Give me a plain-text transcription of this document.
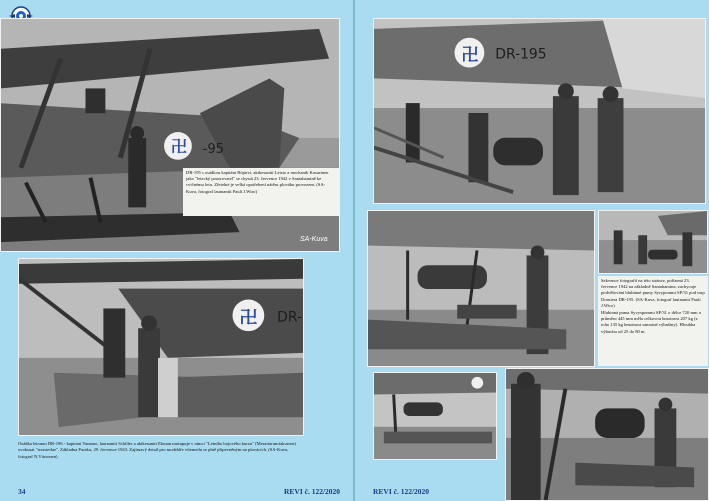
卍 -95
SA-Kuva
DR-195 s osádkou kapitáni Rüjärvi, aktkesuntti Leisto a mechanik Kasurinen jako "letecký pozorovatel" se chystá 23. července 1942 v Santahamině ke cvičnému letu. Zřetelné je velká opotřebení nátěru plovákn provozem. (SA-Kuva, fotograf lautnantti Pauli J.Wiro)
卍 DR-
Osádka letounu DR-196 - kapitáni Vanamo, lautnantti Schiller a aktkesuntti Ekman nastupuje v rámci "Letního bojového kurzu" (Meraiturumfakursen) ovokusat "strastedue". Základna Paraku, 29. července 1943. Zajímavý detail pro modeláře vítemedu se plně připevněným na plovácích. (SA-Kuva, fotograf N.Viirronen)
34	REVI č. 122/2020
卍 DR-195
Sekvence fotografií na této stránce, pořízená 23. července 1942 na základně Santahamina, zachycuje podvěšování hlubinné pumy Syrypommi SP/31 pod trup Dorniera DR-195. (SA-Kuva, fotograf lautnantti Pauli J.Wiro)
Hlubinná puma Syvyspommi SP/31 o délce 720 mm a průměru 445 mm měla celkovou hmotnost 207 kg (z toho 135 kg hmotnost samotné výbušiny). Hloubka výbuchu od 25 do 80 m.
REVI č. 122/2020
